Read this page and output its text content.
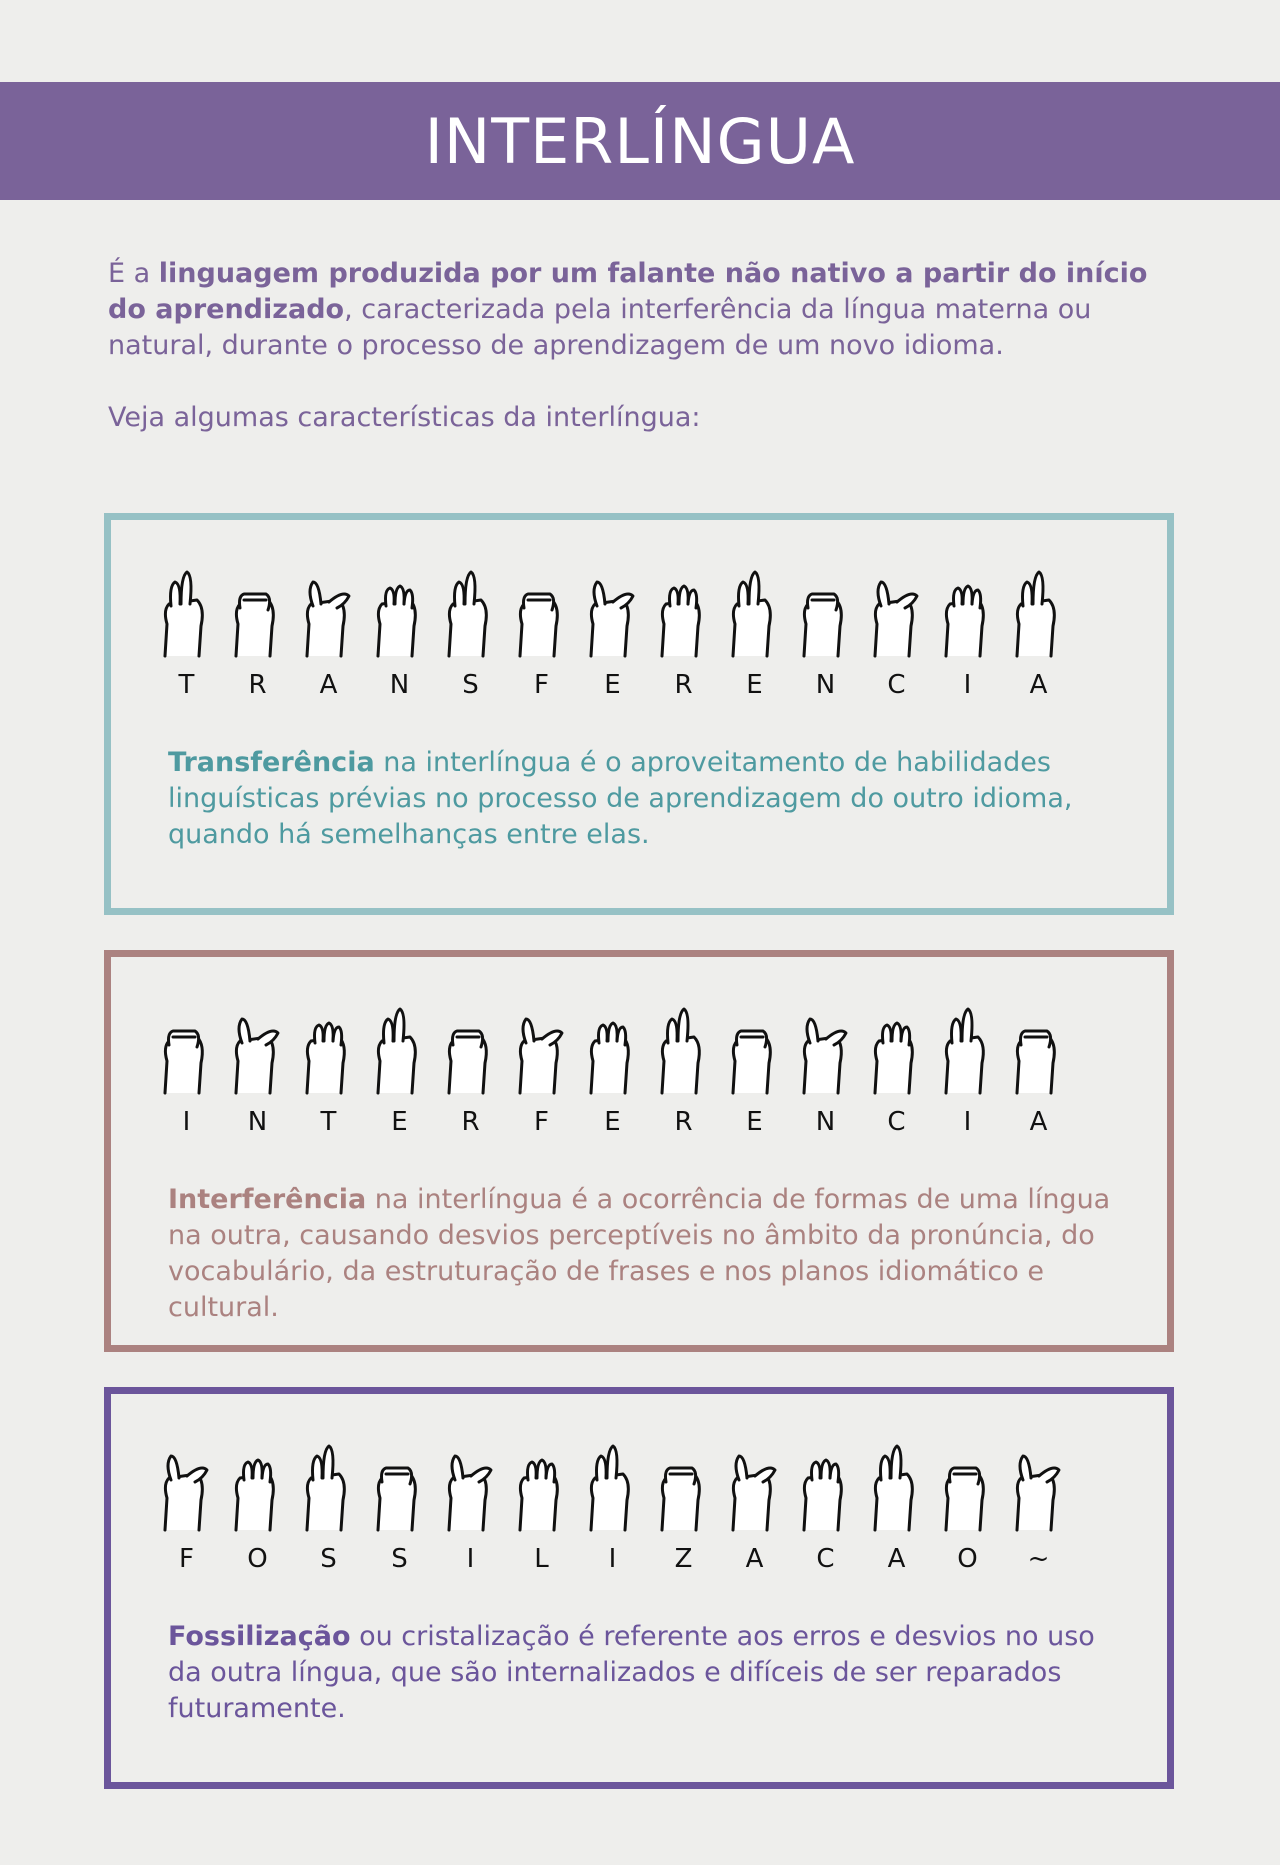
INTERLÍNGUA

É a linguagem produzida por um falante não nativo a partir do início do aprendizado, caracterizada pela interferência da língua materna ou natural, durante o processo de aprendizagem de um novo idioma.

Veja algumas características da interlíngua:

T	R	A	N	S	F	E	R	E	N	C	I	A

Transferência na interlíngua é o aproveitamento de habilidades linguísticas prévias no processo de aprendizagem do outro idioma, quando há semelhanças entre elas.

I	N	T	E	R	F	E	R	E	N	C	I	A

Interferência na interlíngua é a ocorrência de formas de uma língua na outra, causando desvios perceptíveis no âmbito da pronúncia, do vocabulário, da estruturação de frases e nos planos idiomático e cultural.

F	O	S	S	I	L	I	Z	A	C	A	O	~

Fossilização ou cristalização é referente aos erros e desvios no uso da outra língua, que são internalizados e difíceis de ser reparados futuramente.
